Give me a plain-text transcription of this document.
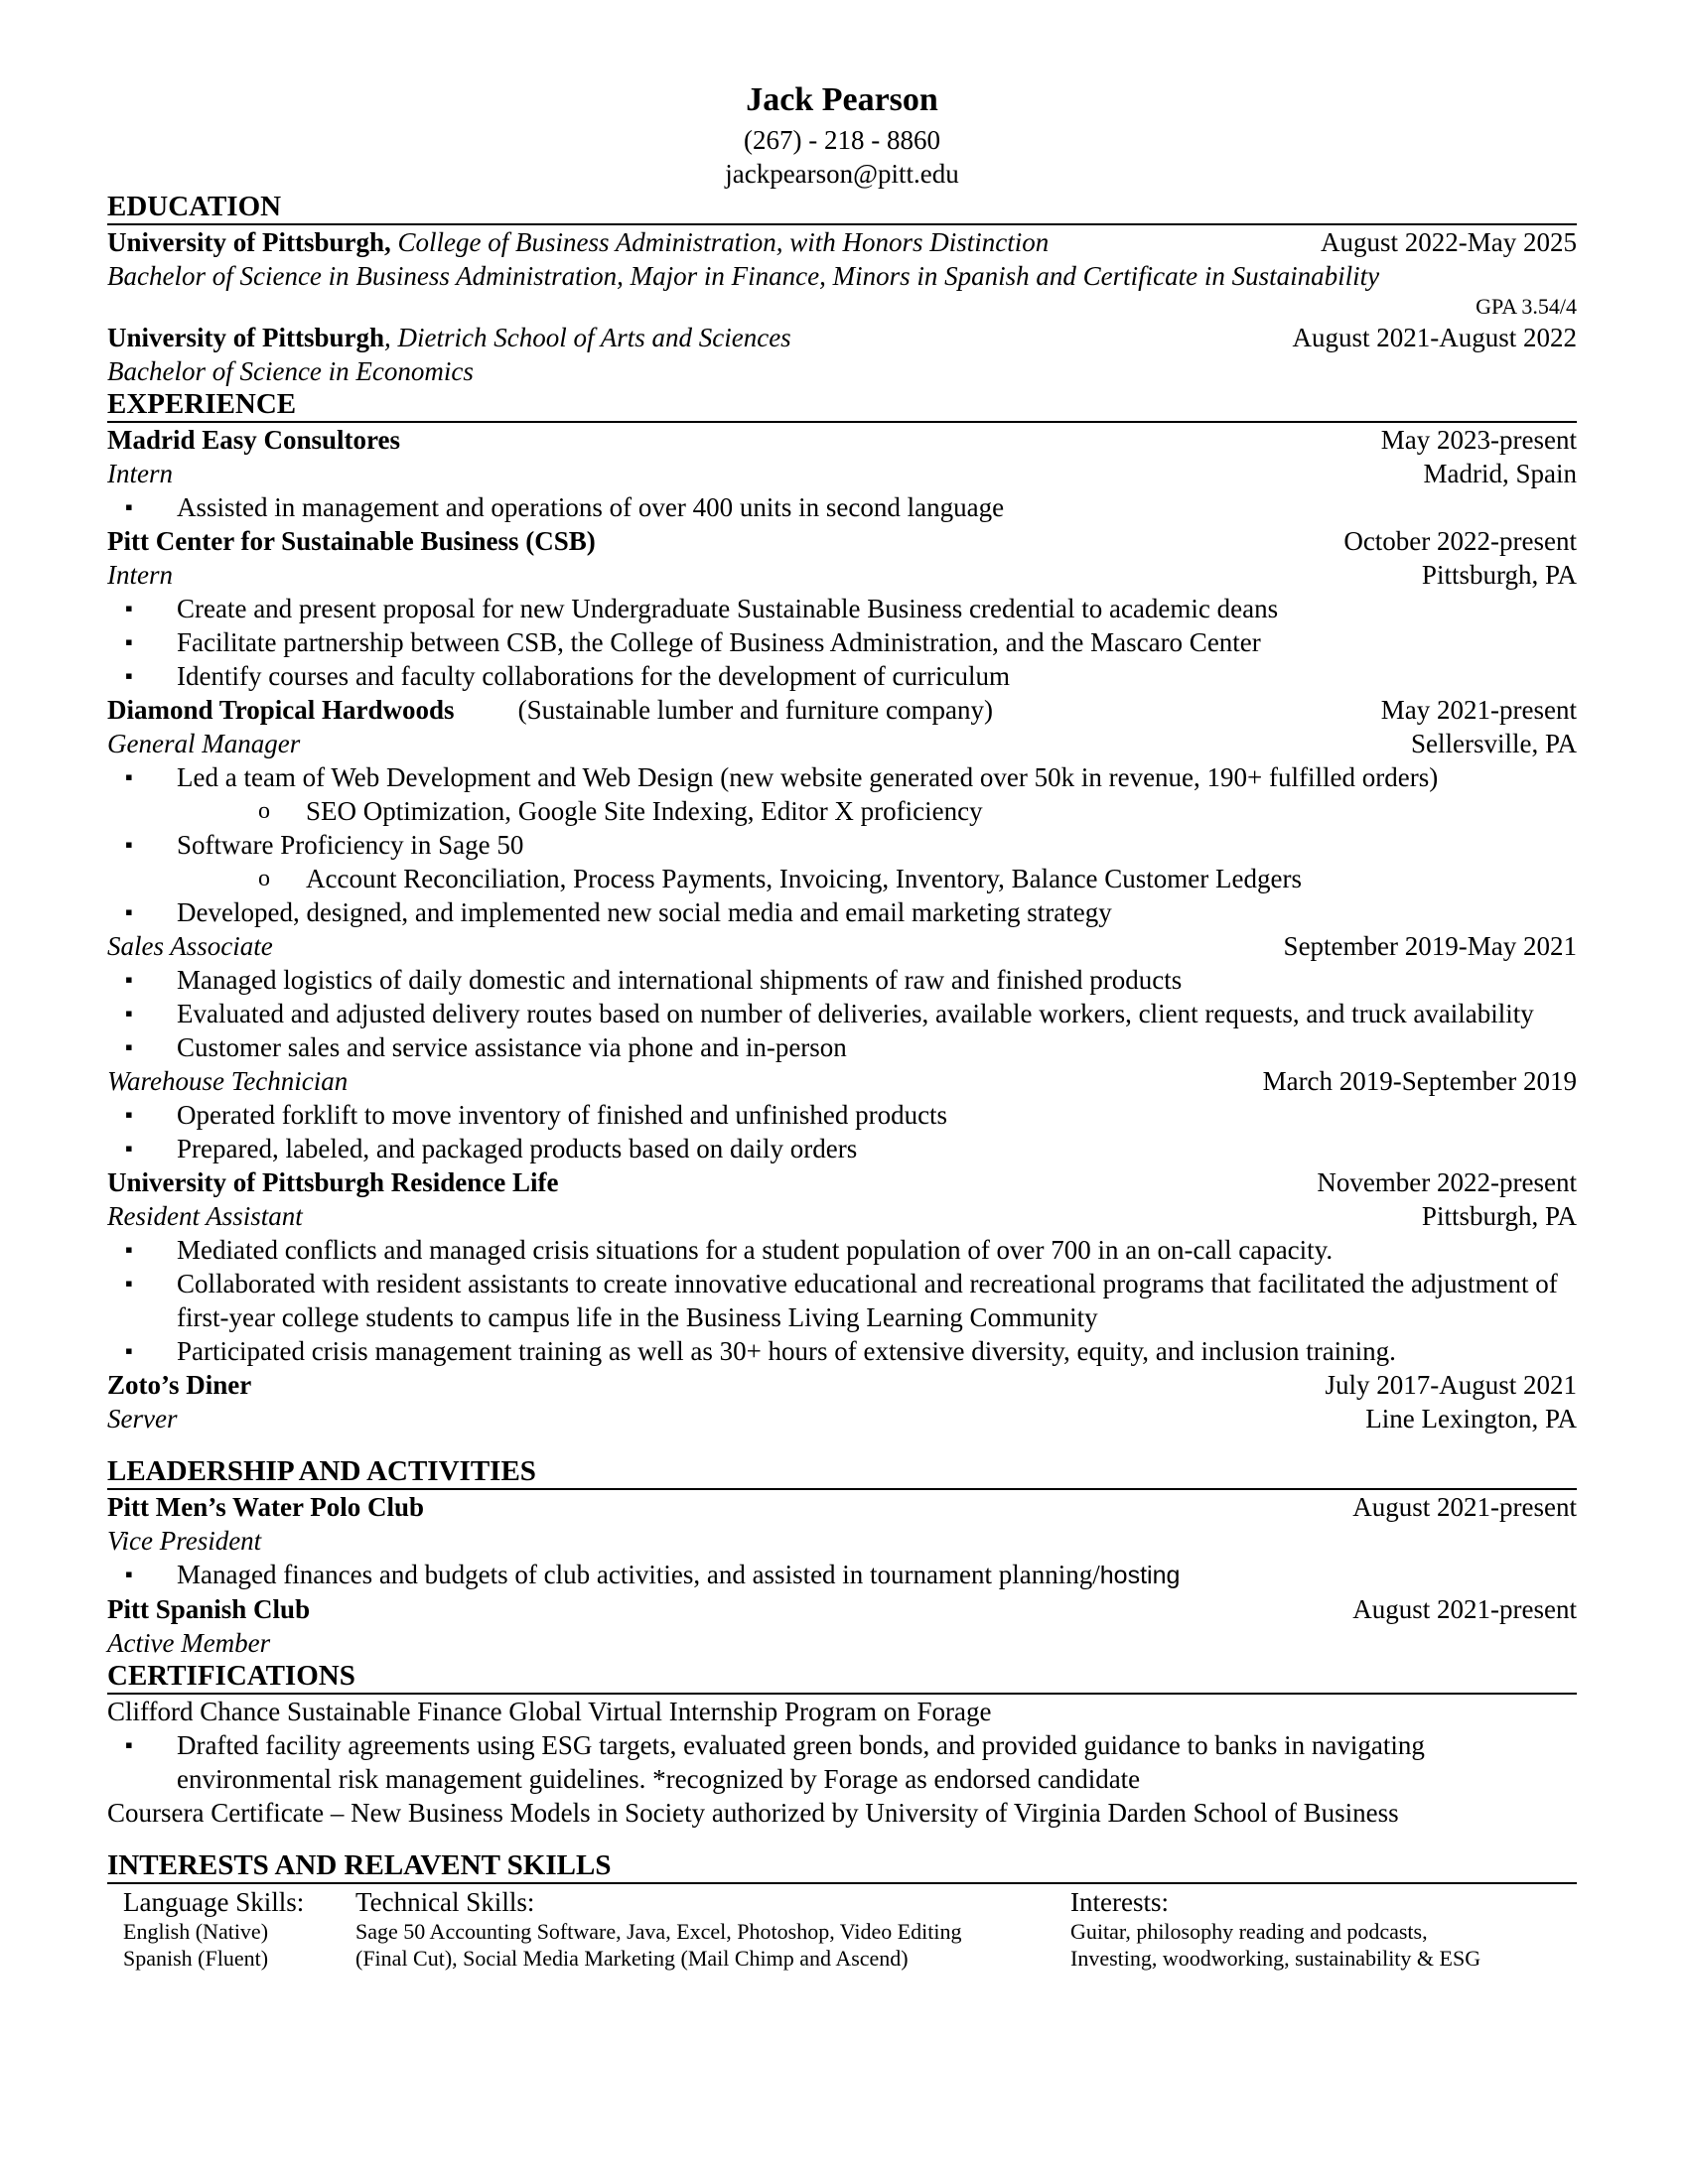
Jack Pearson
(267) - 218 - 8860
jackpearson@pitt.edu
EDUCATION
University of Pittsburgh, College of Business Administration, with Honors Distinction	August 2022-May 2025
Bachelor of Science in Business Administration, Major in Finance, Minors in Spanish and Certificate in Sustainability
GPA 3.54/4
University of Pittsburgh, Dietrich School of Arts and Sciences	August 2021-August 2022
Bachelor of Science in Economics
EXPERIENCE
Madrid Easy Consultores	May 2023-present
Intern	Madrid, Spain
▪ Assisted in management and operations of over 400 units in second language
Pitt Center for Sustainable Business (CSB)	October 2022-present
Intern	Pittsburgh, PA
▪ Create and present proposal for new Undergraduate Sustainable Business credential to academic deans
▪ Facilitate partnership between CSB, the College of Business Administration, and the Mascaro Center
▪ Identify courses and faculty collaborations for the development of curriculum
Diamond Tropical Hardwoods (Sustainable lumber and furniture company)	May 2021-present
General Manager	Sellersville, PA
▪ Led a team of Web Development and Web Design (new website generated over 50k in revenue, 190+ fulfilled orders)
o SEO Optimization, Google Site Indexing, Editor X proficiency
▪ Software Proficiency in Sage 50
o Account Reconciliation, Process Payments, Invoicing, Inventory, Balance Customer Ledgers
▪ Developed, designed, and implemented new social media and email marketing strategy
Sales Associate	September 2019-May 2021
▪ Managed logistics of daily domestic and international shipments of raw and finished products
▪ Evaluated and adjusted delivery routes based on number of deliveries, available workers, client requests, and truck availability
▪ Customer sales and service assistance via phone and in-person
Warehouse Technician	March 2019-September 2019
▪ Operated forklift to move inventory of finished and unfinished products
▪ Prepared, labeled, and packaged products based on daily orders
University of Pittsburgh Residence Life	November 2022-present
Resident Assistant	Pittsburgh, PA
▪ Mediated conflicts and managed crisis situations for a student population of over 700 in an on-call capacity.
▪ Collaborated with resident assistants to create innovative educational and recreational programs that facilitated the adjustment of first-year college students to campus life in the Business Living Learning Community
▪ Participated crisis management training as well as 30+ hours of extensive diversity, equity, and inclusion training.
Zoto’s Diner	July 2017-August 2021
Server	Line Lexington, PA
LEADERSHIP AND ACTIVITIES
Pitt Men’s Water Polo Club	August 2021-present
Vice President
▪ Managed finances and budgets of club activities, and assisted in tournament planning/hosting
Pitt Spanish Club	August 2021-present
Active Member
CERTIFICATIONS
Clifford Chance Sustainable Finance Global Virtual Internship Program on Forage
▪ Drafted facility agreements using ESG targets, evaluated green bonds, and provided guidance to banks in navigating environmental risk management guidelines. *recognized by Forage as endorsed candidate
Coursera Certificate – New Business Models in Society authorized by University of Virginia Darden School of Business
INTERESTS AND RELAVENT SKILLS
Language Skills:
English (Native)
Spanish (Fluent)
Technical Skills:
Sage 50 Accounting Software, Java, Excel, Photoshop, Video Editing
(Final Cut), Social Media Marketing (Mail Chimp and Ascend)
Interests:
Guitar, philosophy reading and podcasts,
Investing, woodworking, sustainability & ESG
